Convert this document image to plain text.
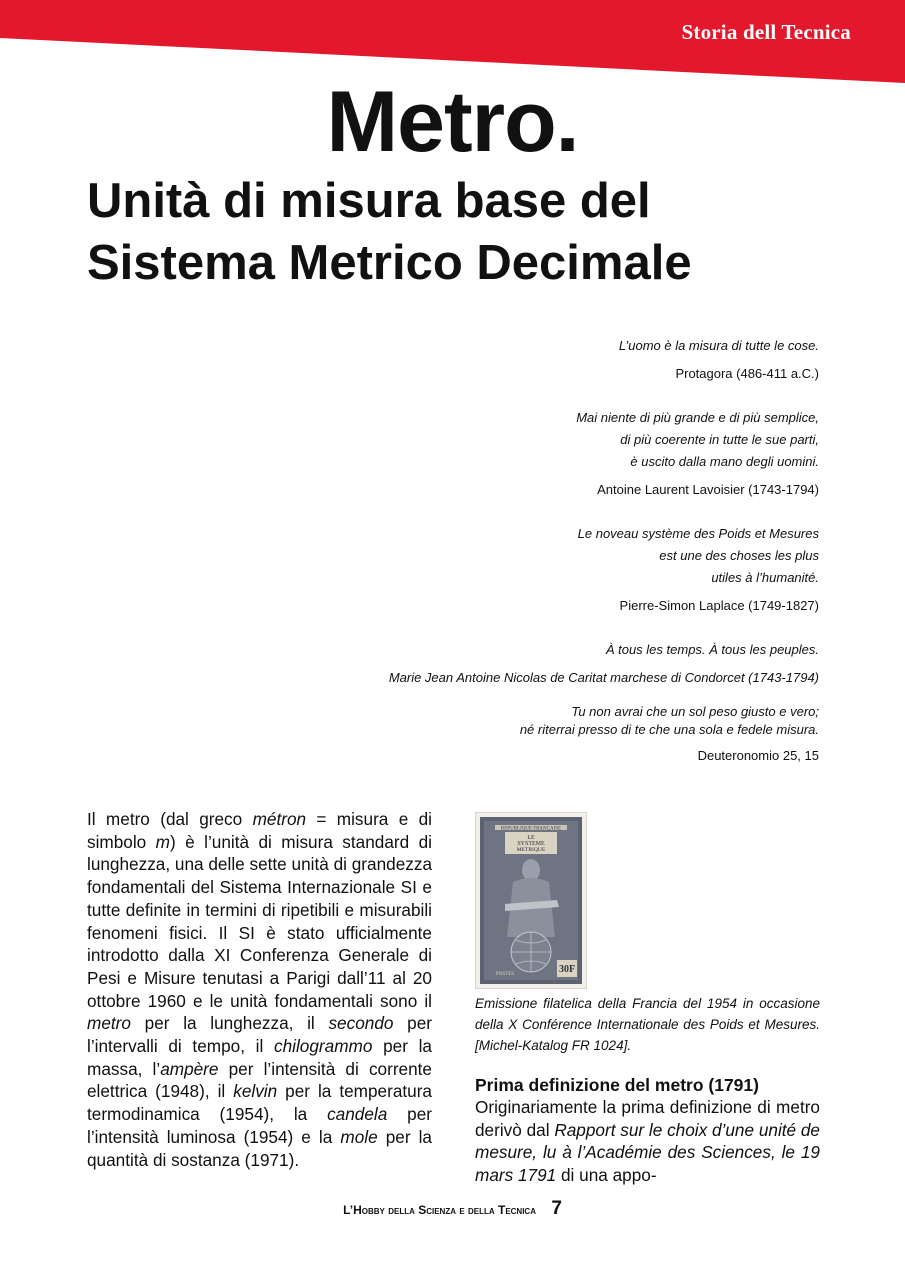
Storia dell Tecnica
Metro.
Unità di misura base del
Sistema Metrico Decimale
L’uomo è la misura di tutte le cose.
Protagora (486-411 a.C.)
Mai niente di più grande e di più semplice,
di più coerente in tutte le sue parti,
è uscito dalla mano degli uomini.
Antoine Laurent Lavoisier (1743-1794)
Le noveau système des Poids et Mesures
est une des choses les plus
utiles à l’humanité.
Pierre-Simon Laplace (1749-1827)
À tous les temps. À tous les peuples.
Marie Jean Antoine Nicolas de Caritat marchese di Condorcet (1743-1794)
Tu non avrai che un sol peso giusto e vero;
né riterrai presso di te che una sola e fedele misura.
Deuteronomio 25, 15

Il metro (dal greco métron = misura e di simbolo m) è l’unità di misura standard di lunghezza, una delle sette unità di grandezza fondamentali del Sistema Internazionale SI e tutte definite in termini di ripetibili e misurabili fenomeni fisici. Il SI è stato ufficialmente introdotto dalla XI Conferenza Generale di Pesi e Misure tenutasi a Parigi dall’11 al 20 ottobre 1960 e le unità fondamentali sono il metro per la lunghezza, il secondo per l’intervalli di tempo, il chilogrammo per la massa, l’ampère per l’intensità di corrente elettrica (1948), il kelvin per la temperatura termodinamica (1954), la candela per l’intensità luminosa (1954) e la mole per la quantità di sostanza (1971).

REPUBLIQUE FRANÇAISE
LE
SYSTEME
METRIQUE
30F
POSTES
Emissione filatelica della Francia del 1954 in occasione della X Conférence Internationale des Poids et Mesures. [Michel-Katalog FR 1024].
Prima definizione del metro (1791)

Originariamente la prima definizione di metro derivò dal Rapport sur le choix d’une unité de mesure, lu à l’Académie des Sciences, le 19 mars 1791 di una appo-

L’Hobby della Scienza e della Tecnica 7
